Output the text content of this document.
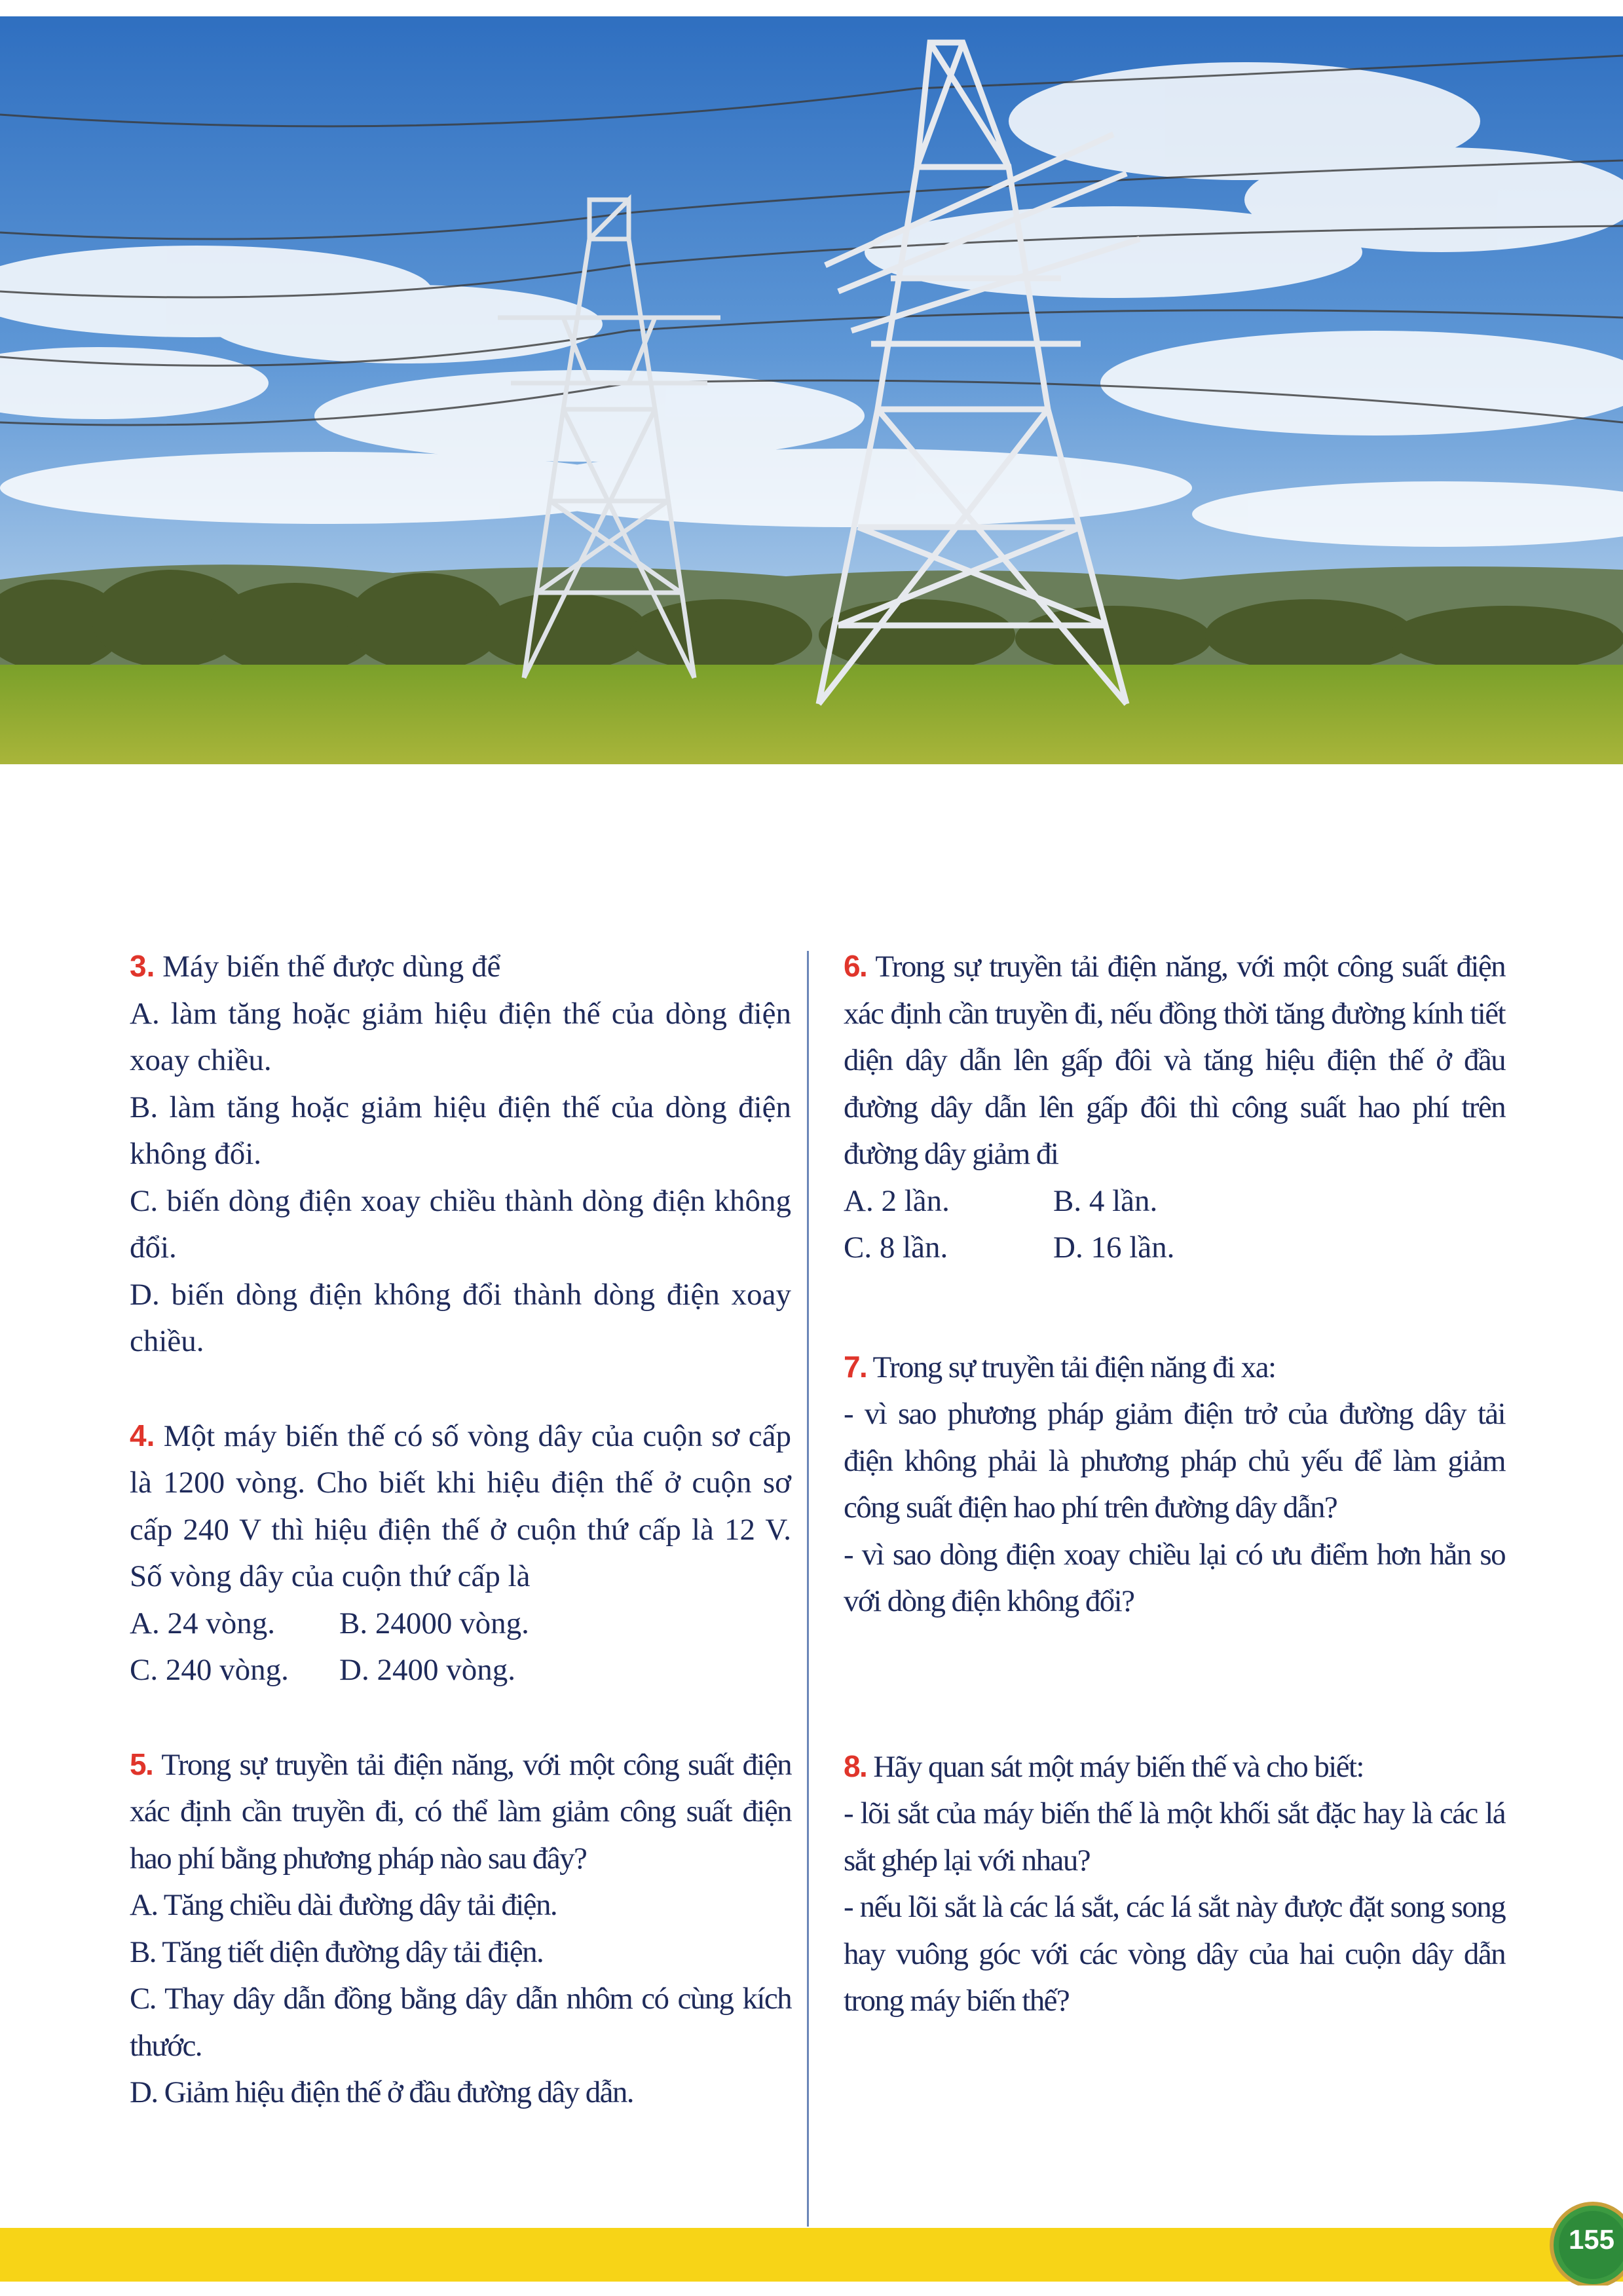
3. Máy biến thế được dùng để

A. làm tăng hoặc giảm hiệu điện thế của dòng điện xoay chiều.

B. làm tăng hoặc giảm hiệu điện thế của dòng điện không đổi.

C. biến dòng điện xoay chiều thành dòng điện không đổi.

D. biến dòng điện không đổi thành dòng điện xoay chiều.

4. Một máy biến thế có số vòng dây của cuộn sơ cấp là 1200 vòng. Cho biết khi hiệu điện thế ở cuộn sơ cấp 240 V thì hiệu điện thế ở cuộn thứ cấp là 12 V. Số vòng dây của cuộn thứ cấp là

A. 24 vòng.	B. 24000 vòng.

C. 240 vòng.	D. 2400 vòng.

5. Trong sự truyền tải điện năng, với một công suất điện xác định cần truyền đi, có thể làm giảm công suất điện hao phí bằng phương pháp nào sau đây?

A. Tăng chiều dài đường dây tải điện.

B. Tăng tiết diện đường dây tải điện.

C. Thay dây dẫn đồng bằng dây dẫn nhôm có cùng kích thước.

D. Giảm hiệu điện thế ở đầu đường dây dẫn.

6. Trong sự truyền tải điện năng, với một công suất điện xác định cần truyền đi, nếu đồng thời tăng đường kính tiết diện dây dẫn lên gấp đôi và tăng hiệu điện thế ở đầu đường dây dẫn lên gấp đôi thì công suất hao phí trên đường dây giảm đi

A. 2 lần.	B. 4 lần.

C. 8 lần.	D. 16 lần.

7. Trong sự truyền tải điện năng đi xa:

- vì sao phương pháp giảm điện trở của đường dây tải điện không phải là phương pháp chủ yếu để làm giảm công suất điện hao phí trên đường dây dẫn?

- vì sao dòng điện xoay chiều lại có ưu điểm hơn hẳn so với dòng điện không đổi?

8. Hãy quan sát một máy biến thế và cho biết:

- lõi sắt của máy biến thế là một khối sắt đặc hay là các lá sắt ghép lại với nhau?

- nếu lõi sắt là các lá sắt, các lá sắt này được đặt song song hay vuông góc với các vòng dây của hai cuộn dây dẫn trong máy biến thế?

155
